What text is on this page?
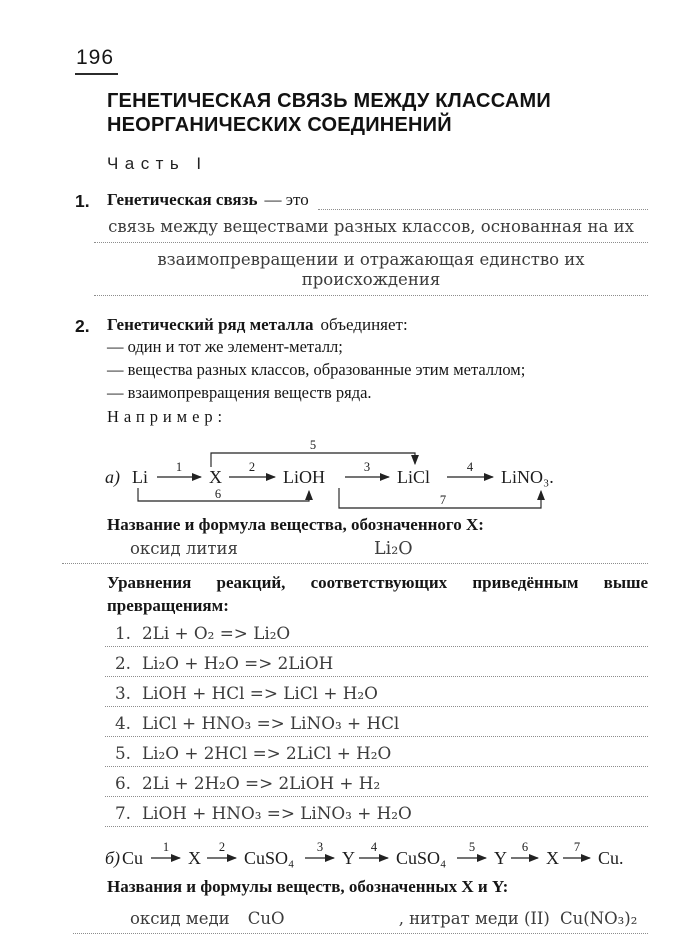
196
ГЕНЕТИЧЕСКАЯ СВЯЗЬ МЕЖДУ КЛАССАМИ
НЕОРГАНИЧЕСКИХ СОЕДИНЕНИЙ
Часть I
1.	Генетическая связь — это
связь между веществами разных классов, основанная на их
взаимопревращении и отражающая единство их происхождения
2.	Генетический ряд металла объединяет:
— один и тот же элемент-металл;
— вещества разных классов, образованные этим металлом;
— взаимопревращения веществ ряда.
Например:
а) Li	X	LiOH	LiCl	LiNO₃.
1	2	3	4
5
6	7
Название и формула вещества, обозначенного X:
оксид лития	Li₂O
Уравнения реакций, соответствующих приведённым выше превращениям:
1. 2Li + O₂ => Li₂O
2. Li₂O + H₂O => 2LiOH
3. LiOH + HCl => LiCl + H₂O
4. LiCl + HNO₃ => LiNO₃ + HCl
5. Li₂O + 2HCl => 2LiCl + H₂O
6. 2Li + 2H₂O => 2LiOH + H₂
7. LiOH + HNO₃ => LiNO₃ + H₂O
б) Cu X CuSO₄	Y CuSO₄	Y X Cu.
1	2	3	4	5	6	7
Названия и формулы веществ, обозначенных X и Y:
оксид меди CuO	, нитрат меди (II) Cu(NO₃)₂
